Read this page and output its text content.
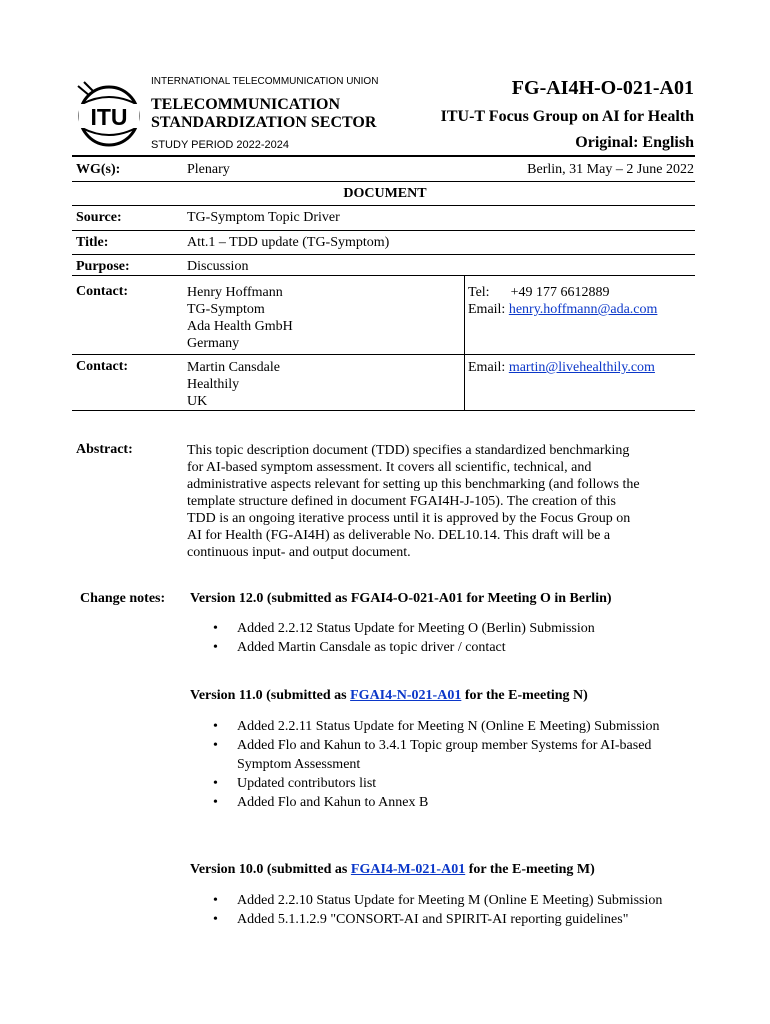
ITU
INTERNATIONAL TELECOMMUNICATION UNION
TELECOMMUNICATION
STANDARDIZATION SECTOR
STUDY PERIOD 2022-2024
FG-AI4H-O-021-A01
ITU-T Focus Group on AI for Health
Original: English
WG(s):	Plenary	Berlin, 31 May – 2 June 2022
DOCUMENT
Source:	TG-Symptom Topic Driver
Title:	Att.1 – TDD update (TG-Symptom)
Purpose:	Discussion
Contact:	Henry Hoffmann
TG-Symptom
Ada Health GmbH
Germany
Tel: +49 177 6612889
Email: henry.hoffmann@ada.com
Contact:	Martin Cansdale
Healthily
UK
Email: martin@livehealthily.com
Abstract:	This topic description document (TDD) specifies a standardized benchmarking
for AI-based symptom assessment. It covers all scientific, technical, and
administrative aspects relevant for setting up this benchmarking (and follows the
template structure defined in document FGAI4H-J-105). The creation of this
TDD is an ongoing iterative process until it is approved by the Focus Group on
AI for Health (FG-AI4H) as deliverable No. DEL10.14. This draft will be a
continuous input- and output document.
Change notes: Version 12.0 (submitted as FGAI4-O-021-A01 for Meeting O in Berlin)
• Added 2.2.12 Status Update for Meeting O (Berlin) Submission
• Added Martin Cansdale as topic driver / contact
Version 11.0 (submitted as FGAI4-N-021-A01 for the E-meeting N)
• Added 2.2.11 Status Update for Meeting N (Online E Meeting) Submission
• Added Flo and Kahun to 3.4.1 Topic group member Systems for AI-based Symptom Assessment
• Updated contributors list
• Added Flo and Kahun to Annex B
Version 10.0 (submitted as FGAI4-M-021-A01 for the E-meeting M)
• Added 2.2.10 Status Update for Meeting M (Online E Meeting) Submission
• Added 5.1.1.2.9 "CONSORT-AI and SPIRIT-AI reporting guidelines"
